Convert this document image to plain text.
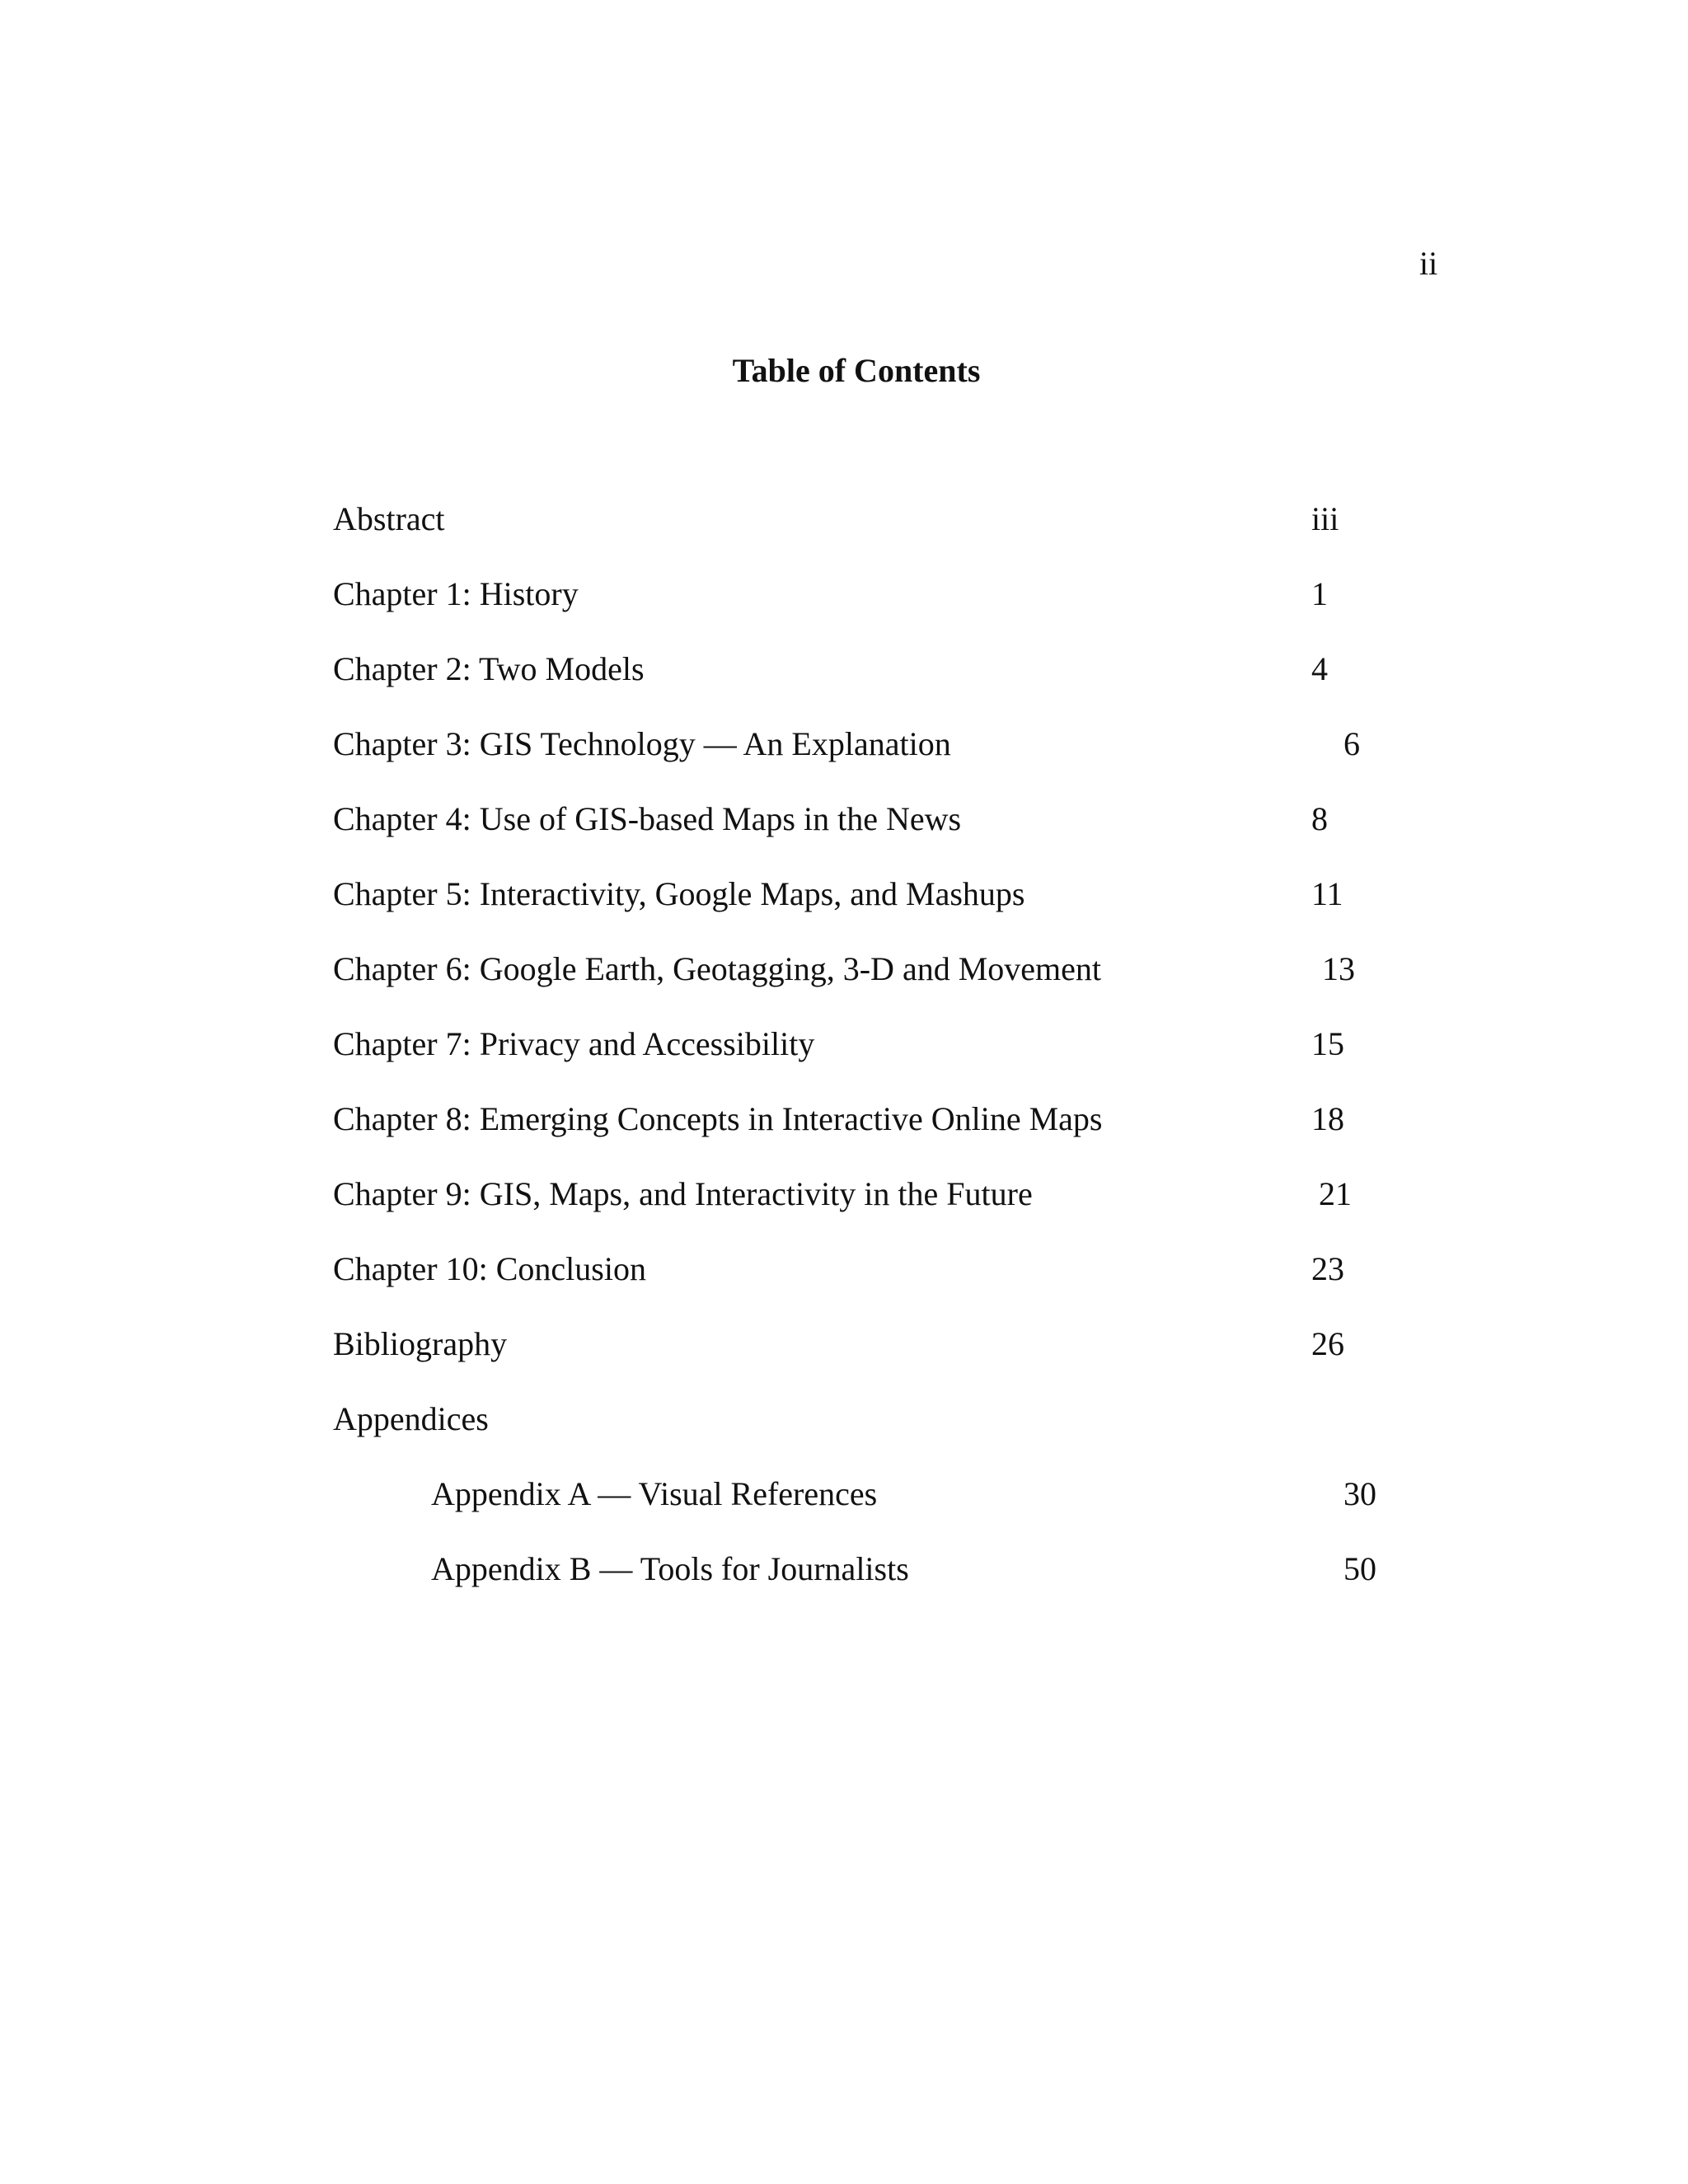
ii
Table of Contents
Abstract	iii
Chapter 1: History	1
Chapter 2: Two Models	4
Chapter 3: GIS Technology — An Explanation	6
Chapter 4: Use of GIS-based Maps in the News	8
Chapter 5: Interactivity, Google Maps, and Mashups	11
Chapter 6: Google Earth, Geotagging, 3-D and Movement	13
Chapter 7: Privacy and Accessibility	15
Chapter 8: Emerging Concepts in Interactive Online Maps	18
Chapter 9: GIS, Maps, and Interactivity in the Future	21
Chapter 10: Conclusion	23
Bibliography	26
Appendices
Appendix A — Visual References	30
Appendix B — Tools for Journalists	50
